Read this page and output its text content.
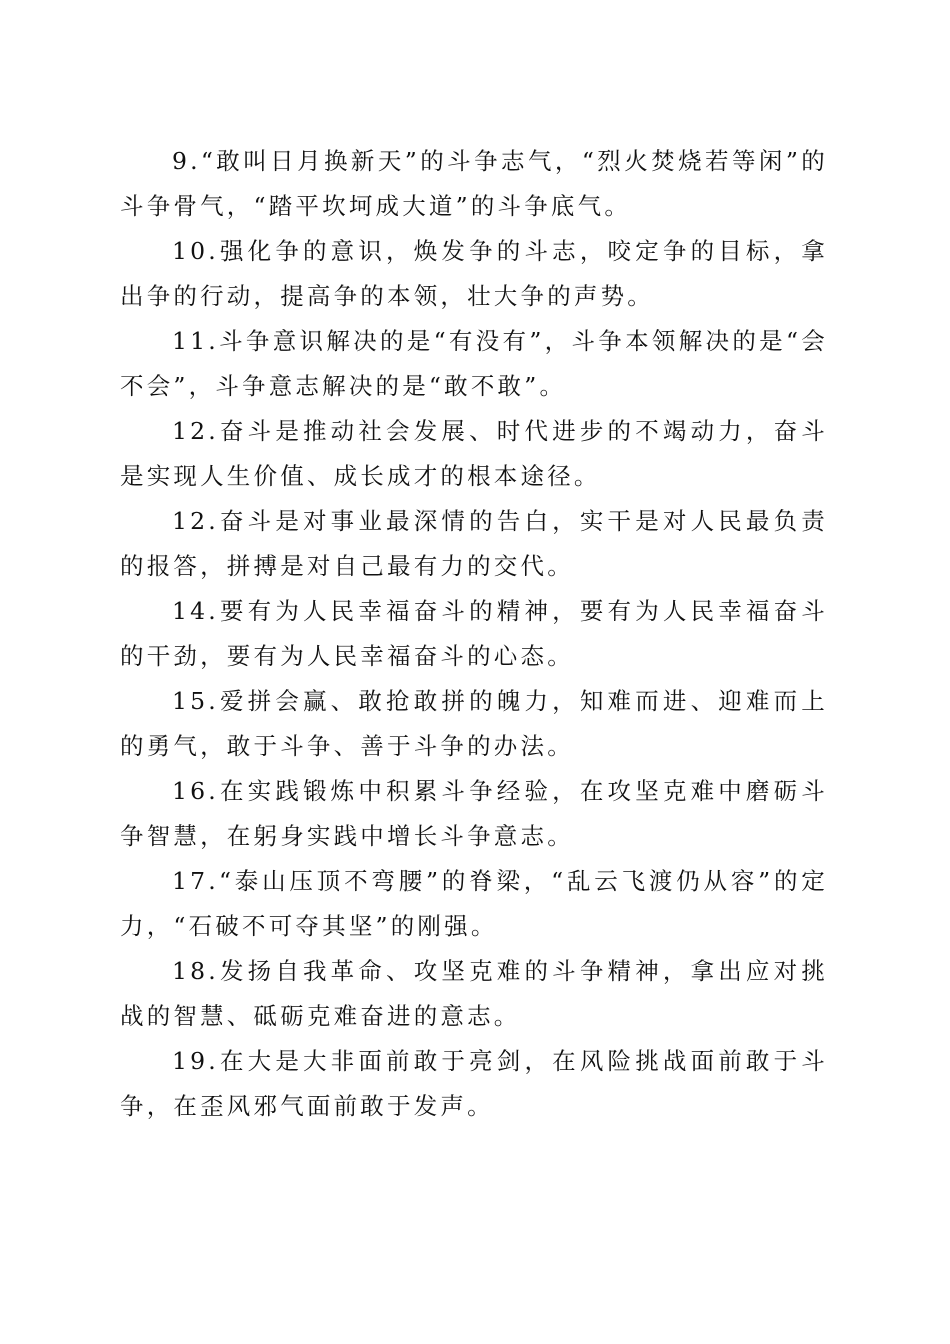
9.“敢叫日月换新天”的斗争志气，“烈火焚烧若等闲”的斗争骨气，“踏平坎坷成大道”的斗争底气。

10.强化争的意识，焕发争的斗志，咬定争的目标，拿出争的行动，提高争的本领，壮大争的声势。

11.斗争意识解决的是“有没有”，斗争本领解决的是“会不会”，斗争意志解决的是“敢不敢”。

12.奋斗是推动社会发展、时代进步的不竭动力，奋斗是实现人生价值、成长成才的根本途径。

12.奋斗是对事业最深情的告白，实干是对人民最负责的报答，拼搏是对自己最有力的交代。

14.要有为人民幸福奋斗的精神，要有为人民幸福奋斗的干劲，要有为人民幸福奋斗的心态。

15.爱拼会赢、敢抢敢拼的魄力，知难而进、迎难而上的勇气，敢于斗争、善于斗争的办法。

16.在实践锻炼中积累斗争经验，在攻坚克难中磨砺斗争智慧，在躬身实践中增长斗争意志。

17.“泰山压顶不弯腰”的脊梁，“乱云飞渡仍从容”的定力，“石破不可夺其坚”的刚强。

18.发扬自我革命、攻坚克难的斗争精神，拿出应对挑战的智慧、砥砺克难奋进的意志。

19.在大是大非面前敢于亮剑，在风险挑战面前敢于斗争，在歪风邪气面前敢于发声。
